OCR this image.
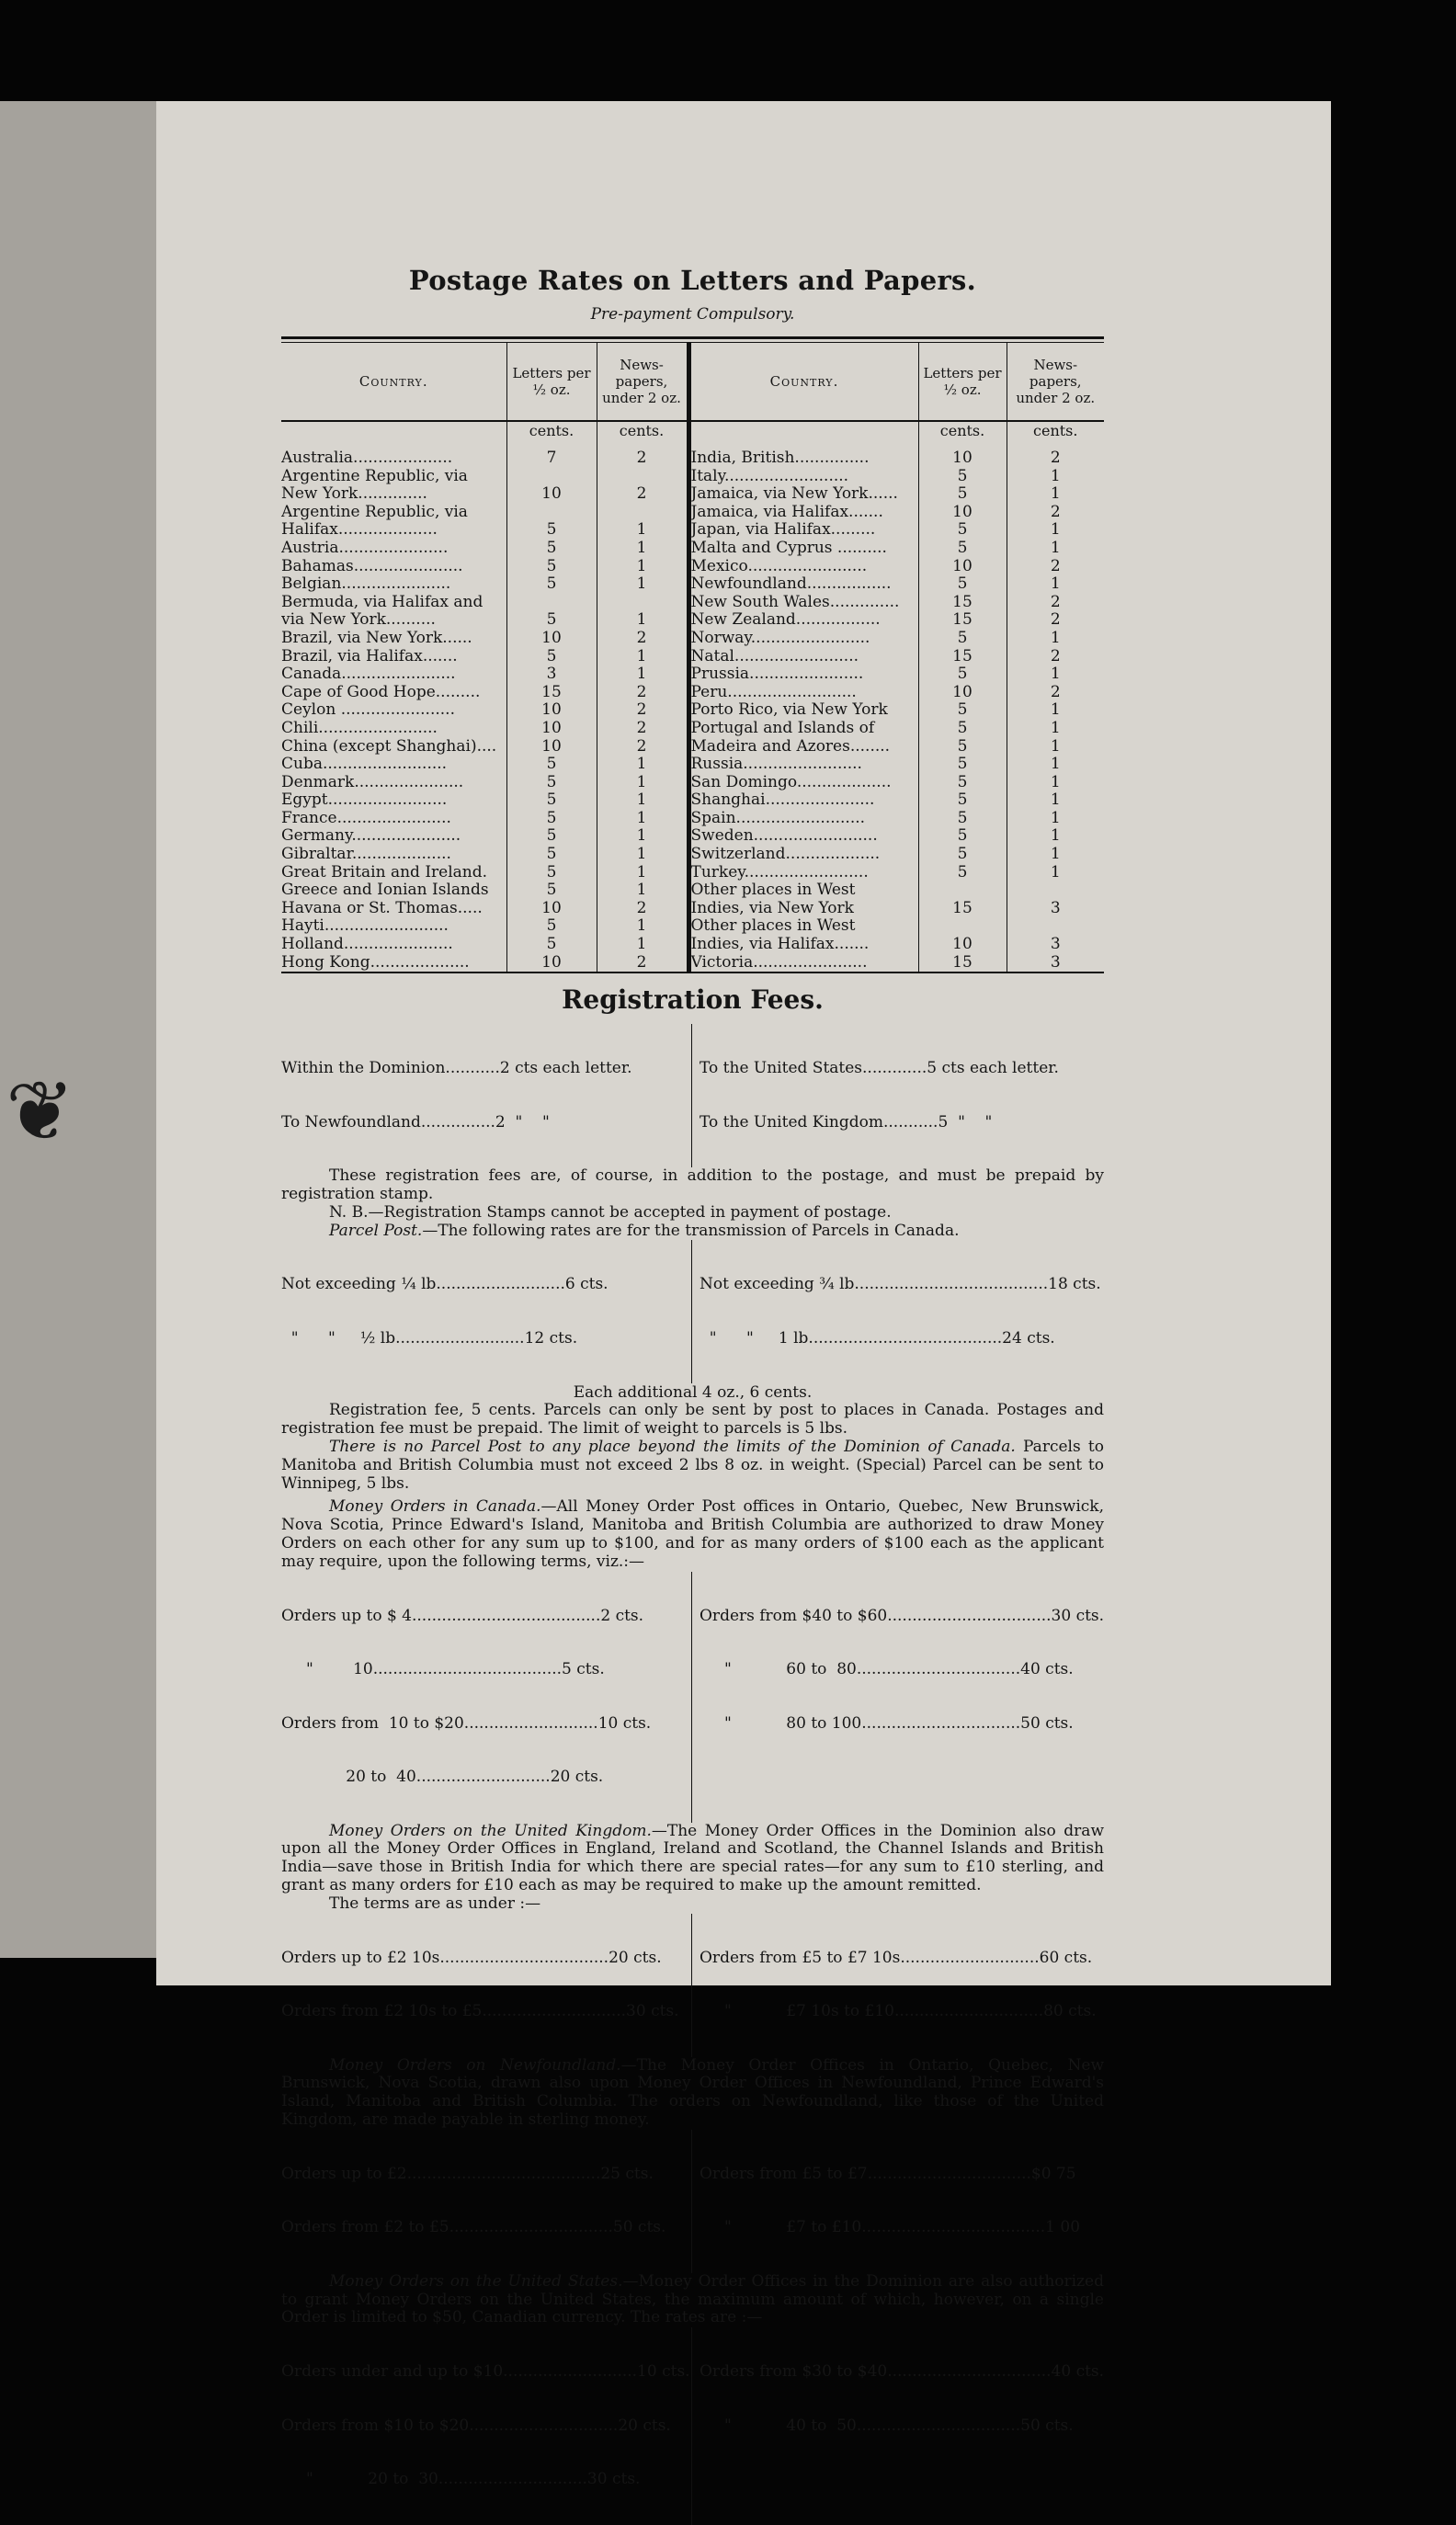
❦
Postage Rates on Letters and Papers.
Pre-payment Compulsory.
Country.	Letters per ½ oz.	News-papers, under 2 oz.	Country.	Letters per ½ oz.	News-papers, under 2 oz.
	cents.	cents.		cents.	cents.
Australia....................	7	2	India, British...............	10	2
Argentine Republic, via			Italy.........................	5	1
New York..............	10	2	Jamaica, via New York......	5	1
Argentine Republic, via			Jamaica, via Halifax.......	10	2
Halifax....................	5	1	Japan, via Halifax.........	5	1
Austria......................	5	1	Malta and Cyprus ..........	5	1
Bahamas......................	5	1	Mexico........................	10	2
Belgian......................	5	1	Newfoundland.................	5	1
Bermuda, via Halifax and			New South Wales..............	15	2
via New York..........	5	1	New Zealand.................	15	2
Brazil, via New York......	10	2	Norway........................	5	1
Brazil, via Halifax.......	5	1	Natal.........................	15	2
Canada.......................	3	1	Prussia.......................	5	1
Cape of Good Hope.........	15	2	Peru..........................	10	2
Ceylon .......................	10	2	Porto Rico, via New York	5	1
Chili........................	10	2	Portugal and Islands of	5	1
China (except Shanghai)....	10	2	Madeira and Azores........	5	1
Cuba.........................	5	1	Russia........................	5	1
Denmark......................	5	1	San Domingo...................	5	1
Egypt........................	5	1	Shanghai......................	5	1
France.......................	5	1	Spain..........................	5	1
Germany......................	5	1	Sweden.........................	5	1
Gibraltar....................	5	1	Switzerland...................	5	1
Great Britain and Ireland.	5	1	Turkey.........................	5	1
Greece and Ionian Islands	5	1	Other places in West		
Havana or St. Thomas.....	10	2	Indies, via New York	15	3
Hayti.........................	5	1	Other places in West		
Holland......................	5	1	Indies, via Halifax.......	10	3
Hong Kong....................	10	2	Victoria.......................	15	3

Registration Fees.

Within the Dominion...........2 cts each letter.

To Newfoundland...............2  "    "

To the United States.............5 cts each letter.

To the United Kingdom...........5  "    "

These registration fees are, of course, in addition to the postage, and must be prepaid by registration stamp.

N. B.—Registration Stamps cannot be accepted in payment of postage.

Parcel Post.—The following rates are for the transmission of Parcels in Canada.

Not exceeding ¼ lb..........................6 cts.

"      "     ½ lb..........................12 cts.

Not exceeding ¾ lb.......................................18 cts.

"      "     1 lb.......................................24 cts.

Each additional 4 oz., 6 cents.

Registration fee, 5 cents. Parcels can only be sent by post to places in Canada. Postages and registration fee must be prepaid. The limit of weight to parcels is 5 lbs.

There is no Parcel Post to any place beyond the limits of the Dominion of Canada. Parcels to Manitoba and British Columbia must not exceed 2 lbs 8 oz. in weight. (Special) Parcel can be sent to Winnipeg, 5 lbs.

Money Orders in Canada.—All Money Order Post offices in Ontario, Quebec, New Brunswick, Nova Scotia, Prince Edward's Island, Manitoba and British Columbia are authorized to draw Money Orders on each other for any sum up to $100, and for as many orders of $100 each as the applicant may require, upon the following terms, viz.:—

Orders up to $ 4......................................2 cts.

"        10......................................5 cts.

Orders from  10 to $20...........................10 cts.

20 to  40...........................20 cts.

Orders from $40 to $60.................................30 cts.

"           60 to  80.................................40 cts.

"           80 to 100................................50 cts.

Money Orders on the United Kingdom.—The Money Order Offices in the Dominion also draw upon all the Money Order Offices in England, Ireland and Scotland, the Channel Islands and British India—save those in British India for which there are special rates—for any sum to £10 sterling, and grant as many orders for £10 each as may be required to make up the amount remitted.

The terms are as under :—

Orders up to £2 10s..................................20 cts.

Orders from £2 10s to £5.............................30 cts.

Orders from £5 to £7 10s............................60 cts.

"           £7 10s to £10..............................80 cts.

Money Orders on Newfoundland.—The Money Order Offices in Ontario, Quebec, New Brunswick, Nova Scotia, drawn also upon Money Order Offices in Newfoundland, Prince Edward's Island, Manitoba and British Columbia. The orders on Newfoundland, like those of the United Kingdom, are made payable in sterling money.

Orders up to £2.......................................25 cts.

Orders from £2 to £5.................................50 cts.

Orders from £5 to £7.................................$0 75

"           £7 to £10.....................................1 00

Money Orders on the United States.—Money Order Offices in the Dominion are also authorized to grant Money Orders on the United States, the maximum amount of which, however, on a single Order is limited to $50, Canadian currency. The rates are :—

Orders under and up to $10...........................10 cts.

Orders from $10 to $20..............................20 cts.

"           20 to  30..............................30 cts.

Orders from $30 to $40.................................40 cts.

"           40 to  50.................................50 cts.
